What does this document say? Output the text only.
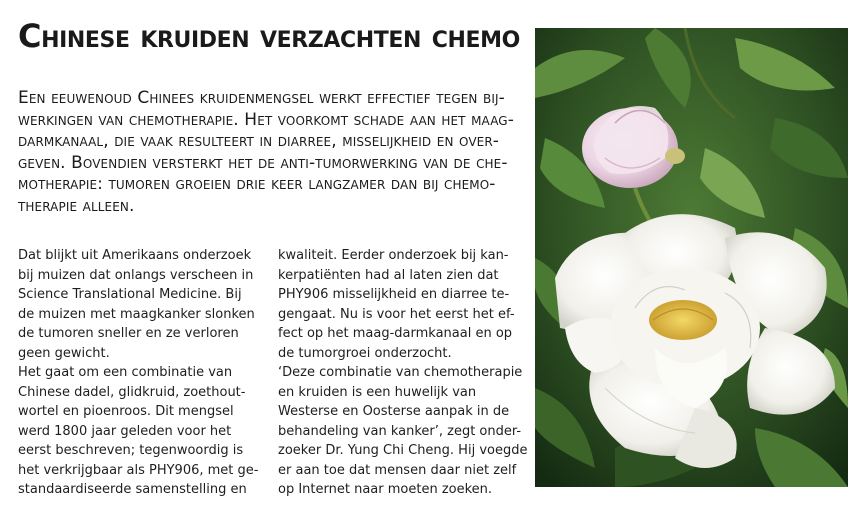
Chinese kruiden verzachten chemo
Een eeuwenoud Chinees kruidenmengsel werkt effectief tegen bij-
werkingen van chemotherapie. Het voorkomt schade aan het maag-
darmkanaal, die vaak resulteert in diarree, misselijkheid en over-
geven. Bovendien versterkt het de anti-tumorwerking van de che-
motherapie: tumoren groeien drie keer langzamer dan bij chemo-
therapie alleen.
Dat blijkt uit Amerikaans onderzoek
bij muizen dat onlangs verscheen in
Science Translational Medicine. Bij
de muizen met maagkanker slonken
de tumoren sneller en ze verloren
geen gewicht.
Het gaat om een combinatie van
Chinese dadel, glidkruid, zoethout-
wortel en pioenroos. Dit mengsel
werd 1800 jaar geleden voor het
eerst beschreven; tegenwoordig is
het verkrijgbaar als PHY906, met ge-
standaardiseerde samenstelling en
kwaliteit. Eerder onderzoek bij kan-
kerpatiënten had al laten zien dat
PHY906 misselijkheid en diarree te-
gengaat. Nu is voor het eerst het ef-
fect op het maag-darmkanaal en op
de tumorgroei onderzocht.
‘Deze combinatie van chemotherapie
en kruiden is een huwelijk van
Westerse en Oosterse aanpak in de
behandeling van kanker’, zegt onder-
zoeker Dr. Yung Chi Cheng. Hij voegde
er aan toe dat mensen daar niet zelf
op Internet naar moeten zoeken.
